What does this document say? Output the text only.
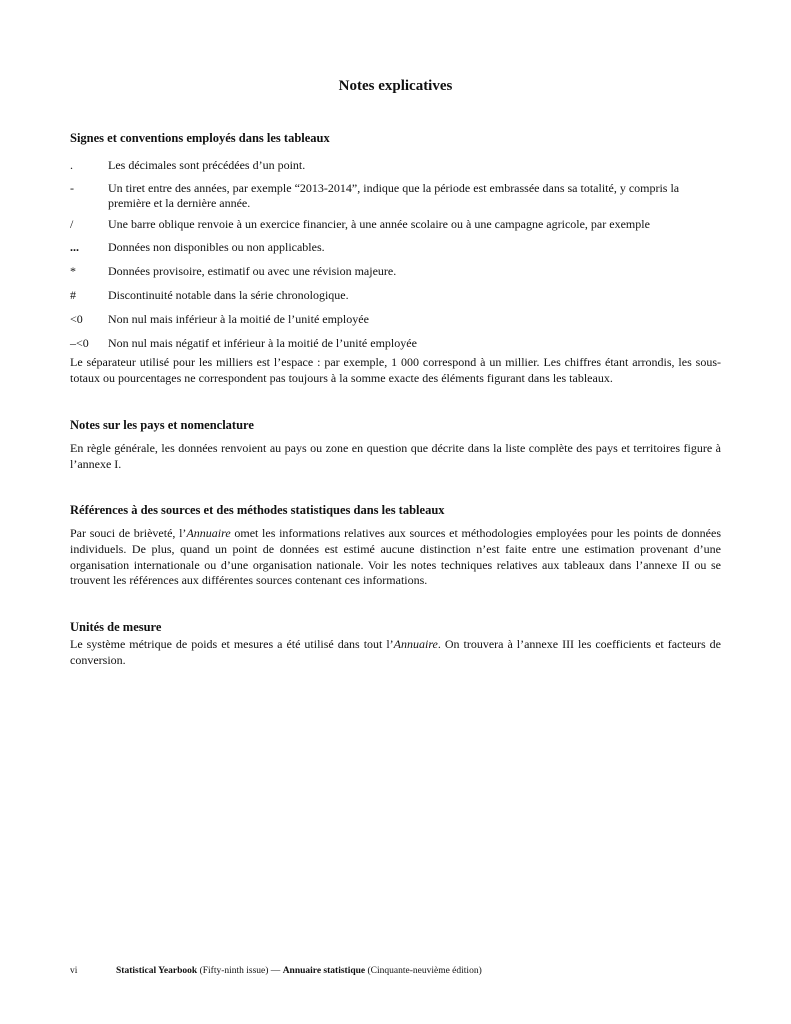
Notes explicatives
Signes et conventions employés dans les tableaux
.	Les décimales sont précédées d’un point.
-	Un tiret entre des années, par exemple “2013-2014”, indique que la période est embrassée dans sa totalité, y compris la première et la dernière année.
/	Une barre oblique renvoie à un exercice financier, à une année scolaire ou à une campagne agricole, par exemple
...	Données non disponibles ou non applicables.
*	Données provisoire, estimatif ou avec une révision majeure.
#	Discontinuité notable dans la série chronologique.
<0	Non nul mais inférieur à la moitié de l’unité employée
–<0	Non nul mais négatif et inférieur à la moitié de l’unité employée
Le séparateur utilisé pour les milliers est l’espace : par exemple, 1 000 correspond à un millier. Les chiffres étant arrondis, les sous-totaux ou pourcentages ne correspondent pas toujours à la somme exacte des éléments figurant dans les tableaux.
Notes sur les pays et nomenclature
En règle générale, les données renvoient au pays ou zone en question que décrite dans la liste complète des pays et territoires figure à l’annexe I.
Références à des sources et des méthodes statistiques dans les tableaux
Par souci de brièveté, l’Annuaire omet les informations relatives aux sources et méthodologies employées pour les points de données individuels. De plus, quand un point de données est estimé aucune distinction n’est faite entre une estimation provenant d’une organisation internationale ou d’une organisation nationale. Voir les notes techniques relatives aux tableaux dans l’annexe II ou se trouvent les références aux différentes sources contenant ces informations.
Unités de mesure
Le système métrique de poids et mesures a été utilisé dans tout l’Annuaire. On trouvera à l’annexe III les coefficients et facteurs de conversion.
vi	Statistical Yearbook (Fifty-ninth issue) — Annuaire statistique (Cinquante-neuvième édition)
